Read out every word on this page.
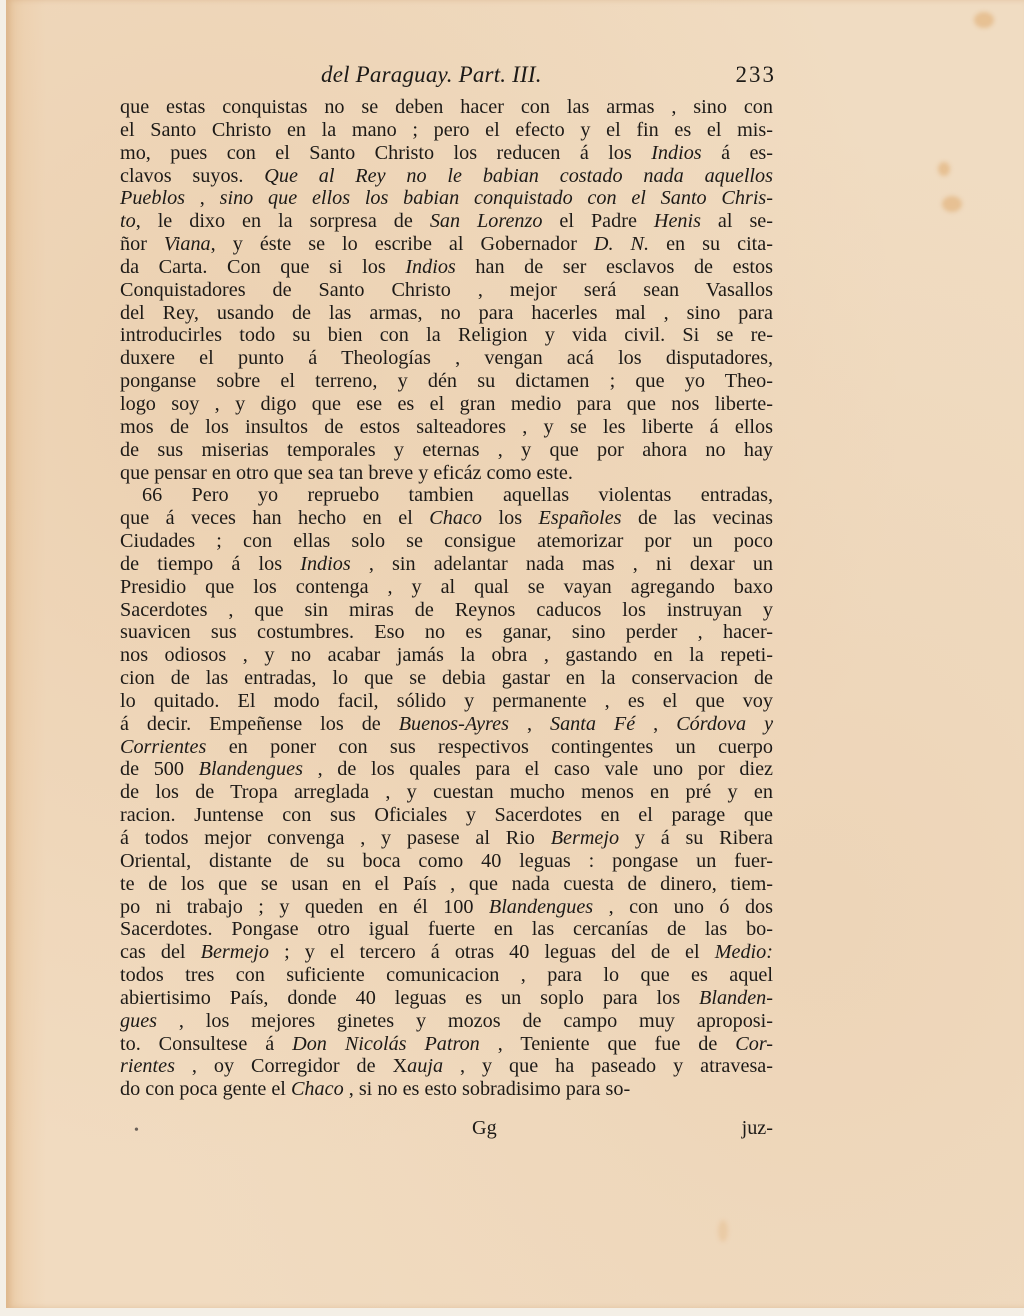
del Paraguay. Part. III.	233
que estas conquistas no se deben hacer con las armas , sino con
el Santo Christo en la mano ; pero el efecto y el fin es el mis-
mo, pues con el Santo Christo los reducen á los Indios á es-
clavos suyos. Que al Rey no le babian costado nada aquellos
Pueblos , sino que ellos los babian conquistado con el Santo Chris-
to, le dixo en la sorpresa de San Lorenzo el Padre Henis al se-
ñor Viana, y éste se lo escribe al Gobernador D. N. en su cita-
da Carta. Con que si los Indios han de ser esclavos de estos
Conquistadores de Santo Christo , mejor será sean Vasallos
del Rey, usando de las armas, no para hacerles mal , sino para
introducirles todo su bien con la Religion y vida civil. Si se re-
duxere el punto á Theologías , vengan acá los disputadores,
ponganse sobre el terreno, y dén su dictamen ; que yo Theo-
logo soy , y digo que ese es el gran medio para que nos liberte-
mos de los insultos de estos salteadores , y se les liberte á ellos
de sus miserias temporales y eternas , y que por ahora no hay
que pensar en otro que sea tan breve y eficáz como este.
66 Pero yo repruebo tambien aquellas violentas entradas,
que á veces han hecho en el Chaco los Españoles de las vecinas
Ciudades ; con ellas solo se consigue atemorizar por un poco
de tiempo á los Indios , sin adelantar nada mas , ni dexar un
Presidio que los contenga , y al qual se vayan agregando baxo
Sacerdotes , que sin miras de Reynos caducos los instruyan y
suavicen sus costumbres. Eso no es ganar, sino perder , hacer-
nos odiosos , y no acabar jamás la obra , gastando en la repeti-
cion de las entradas, lo que se debia gastar en la conservacion de
lo quitado. El modo facil, sólido y permanente , es el que voy
á decir. Empeñense los de Buenos-Ayres , Santa Fé , Córdova y
Corrientes en poner con sus respectivos contingentes un cuerpo
de 500 Blandengues , de los quales para el caso vale uno por diez
de los de Tropa arreglada , y cuestan mucho menos en pré y en
racion. Juntense con sus Oficiales y Sacerdotes en el parage que
á todos mejor convenga , y pasese al Rio Bermejo y á su Ribera
Oriental, distante de su boca como 40 leguas : pongase un fuer-
te de los que se usan en el País , que nada cuesta de dinero, tiem-
po ni trabajo ; y queden en él 100 Blandengues , con uno ó dos
Sacerdotes. Pongase otro igual fuerte en las cercanías de las bo-
cas del Bermejo ; y el tercero á otras 40 leguas del de el Medio:
todos tres con suficiente comunicacion , para lo que es aquel
abiertisimo País, donde 40 leguas es un soplo para los Blanden-
gues , los mejores ginetes y mozos de campo muy aproposi-
to. Consultese á Don Nicolás Patron , Teniente que fue de Cor-
rientes , oy Corregidor de Xauja , y que ha paseado y atravesa-
do con poca gente el Chaco , si no es esto sobradisimo para so-
•	Gg	juz-
